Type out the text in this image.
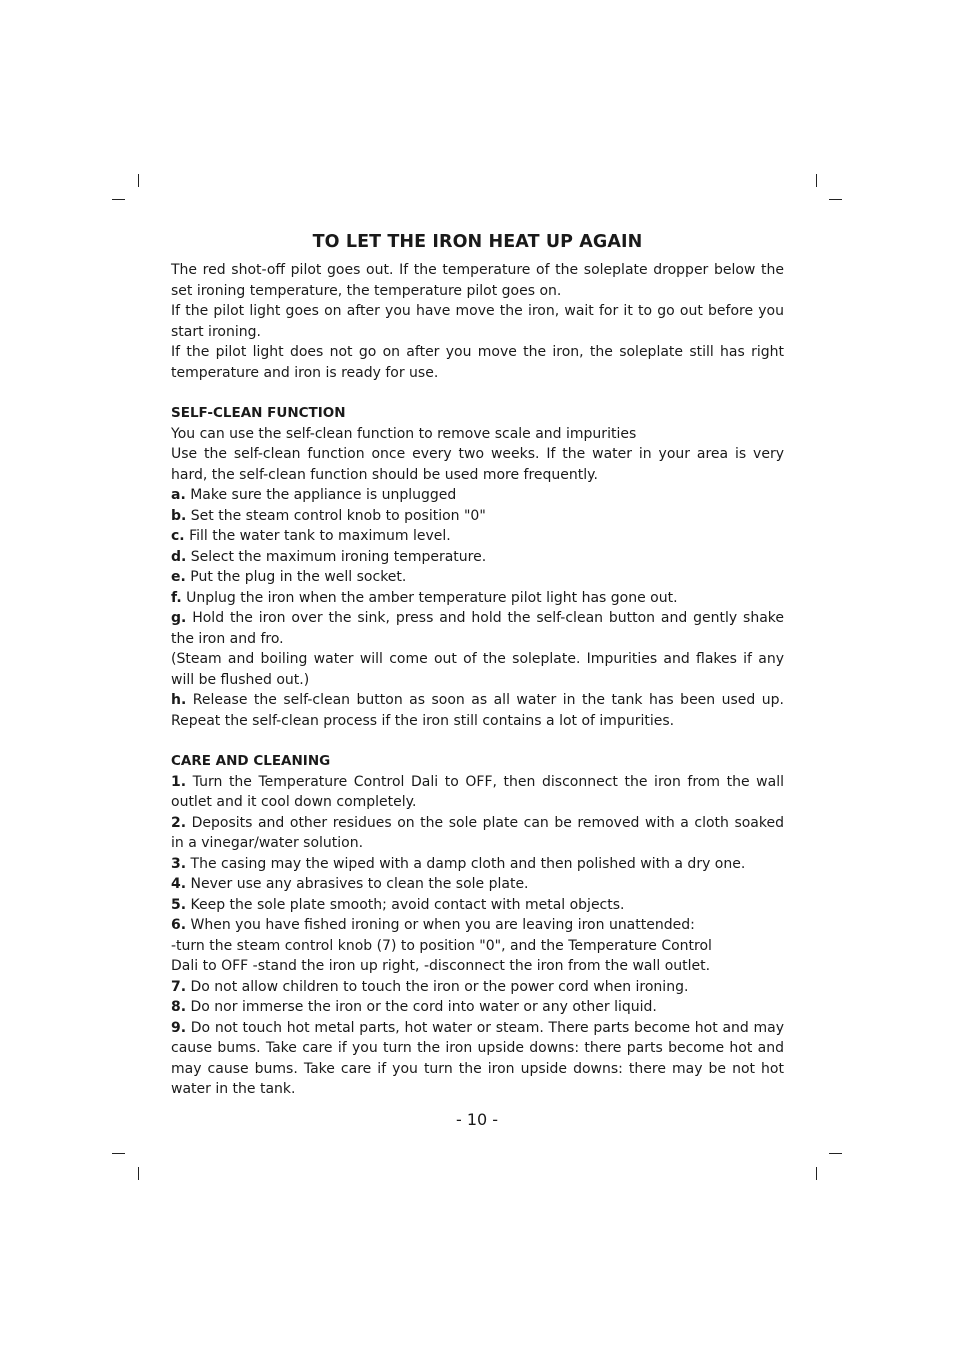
TO LET THE IRON HEAT UP AGAIN

The red shot-off pilot goes out. If the temperature of the soleplate dropper below the set ironing temperature, the temperature pilot goes on.

If the pilot light goes on after you have move the iron, wait for it to go out before you start ironing.

If the pilot light does not go on after you move the iron, the soleplate still has right temperature and iron is ready for use.

SELF-CLEAN FUNCTION

You can use the self-clean function to remove scale and impurities

Use the self-clean function once every two weeks. If the water in your area is very hard, the self-clean function should be used more frequently.

a. Make sure the appliance is unplugged

b. Set the steam control knob to position "0"

c. Fill the water tank to maximum level.

d. Select the maximum ironing temperature.

e. Put the plug in the well socket.

f. Unplug the iron when the amber temperature pilot light has gone out.

g. Hold the iron over the sink, press and hold the self-clean button and gently shake the iron and fro.

(Steam and boiling water will come out of the soleplate. Impurities and flakes if any will be flushed out.)

h. Release the self-clean button as soon as all water in the tank has been used up. Repeat the self-clean process if the iron still contains a lot of impurities.

CARE AND CLEANING

1. Turn the Temperature Control Dali to OFF, then disconnect the iron from the wall outlet and it cool down completely.

2. Deposits and other residues on the sole plate can be removed with a cloth soaked in a vinegar/water solution.

3. The casing may the wiped with a damp cloth and then polished with a dry one.

4. Never use any abrasives to clean the sole plate.

5. Keep the sole plate smooth; avoid contact with metal objects.

6. When you have fished ironing or when you are leaving iron unattended:

-turn the steam control knob (7) to position "0", and the Temperature Control

Dali to OFF -stand the iron up right, -disconnect the iron from the wall outlet.

7. Do not allow children to touch the iron or the power cord when ironing.

8. Do nor immerse the iron or the cord into water or any other liquid.

9. Do not touch hot metal parts, hot water or steam. There parts become hot and may cause bums. Take care if you turn the iron upside downs: there parts become hot and may cause bums. Take care if you turn the iron upside downs: there may be not hot water in the tank.

- 10 -
